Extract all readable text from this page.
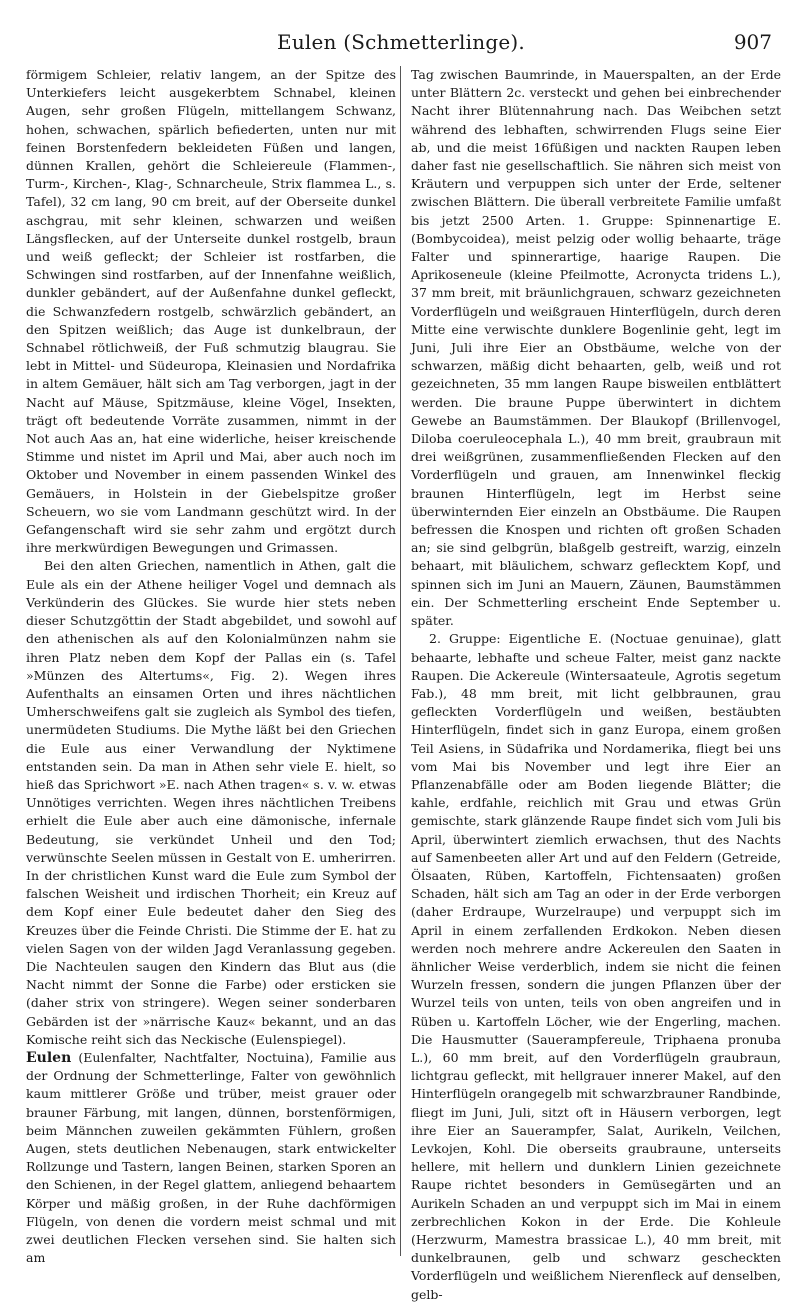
Eulen (Schmetterlinge).	907

förmigem Schleier, relativ langem, an der Spitze des Unterkiefers leicht ausgekerbtem Schnabel, kleinen Augen, sehr großen Flügeln, mittellangem Schwanz, hohen, schwachen, spärlich befiederten, unten nur mit feinen Borstenfedern bekleideten Füßen und langen, dünnen Krallen, gehört die Schleiereule (Flammen-, Turm-, Kirchen-, Klag-, Schnarcheule, Strix flammea L., s. Tafel), 32 cm lang, 90 cm breit, auf der Oberseite dunkel aschgrau, mit sehr kleinen, schwarzen und weißen Längsflecken, auf der Unterseite dunkel rostgelb, braun und weiß gefleckt; der Schleier ist rostfarben, die Schwingen sind rostfarben, auf der Innenfahne weißlich, dunkler gebändert, auf der Außenfahne dunkel gefleckt, die Schwanzfedern rostgelb, schwärzlich gebändert, an den Spitzen weißlich; das Auge ist dunkelbraun, der Schnabel rötlichweiß, der Fuß schmutzig blaugrau. Sie lebt in Mittel- und Südeuropa, Kleinasien und Nordafrika in altem Gemäuer, hält sich am Tag verborgen, jagt in der Nacht auf Mäuse, Spitzmäuse, kleine Vögel, Insekten, trägt oft bedeutende Vorräte zusammen, nimmt in der Not auch Aas an, hat eine widerliche, heiser kreischende Stimme und nistet im April und Mai, aber auch noch im Oktober und November in einem passenden Winkel des Gemäuers, in Holstein in der Giebelspitze großer Scheuern, wo sie vom Landmann geschützt wird. In der Gefangenschaft wird sie sehr zahm und ergötzt durch ihre merkwürdigen Bewegungen und Grimassen.

Bei den alten Griechen, namentlich in Athen, galt die Eule als ein der Athene heiliger Vogel und demnach als Verkünderin des Glückes. Sie wurde hier stets neben dieser Schutzgöttin der Stadt abgebildet, und sowohl auf den athenischen als auf den Kolonialmünzen nahm sie ihren Platz neben dem Kopf der Pallas ein (s. Tafel »Münzen des Altertums«, Fig. 2). Wegen ihres Aufenthalts an einsamen Orten und ihres nächtlichen Umherschweifens galt sie zugleich als Symbol des tiefen, unermüdeten Studiums. Die Mythe läßt bei den Griechen die Eule aus einer Verwandlung der Nyktimene entstanden sein. Da man in Athen sehr viele E. hielt, so hieß das Sprichwort »E. nach Athen tragen« s. v. w. etwas Unnötiges verrichten. Wegen ihres nächtlichen Treibens erhielt die Eule aber auch eine dämonische, infernale Bedeutung, sie verkündet Unheil und den Tod; verwünschte Seelen müssen in Gestalt von E. umherirren. In der christlichen Kunst ward die Eule zum Symbol der falschen Weisheit und irdischen Thorheit; ein Kreuz auf dem Kopf einer Eule bedeutet daher den Sieg des Kreuzes über die Feinde Christi. Die Stimme der E. hat zu vielen Sagen von der wilden Jagd Veranlassung gegeben. Die Nachteulen saugen den Kindern das Blut aus (die Nacht nimmt der Sonne die Farbe) oder ersticken sie (daher strix von stringere). Wegen seiner sonderbaren Gebärden ist der »närrische Kauz« bekannt, und an das Komische reiht sich das Neckische (Eulenspiegel).

Eulen (Eulenfalter, Nachtfalter, Noctuina), Familie aus der Ordnung der Schmetterlinge, Falter von gewöhnlich kaum mittlerer Größe und trüber, meist grauer oder brauner Färbung, mit langen, dünnen, borstenförmigen, beim Männchen zuweilen gekämmten Fühlern, großen Augen, stets deutlichen Nebenaugen, stark entwickelter Rollzunge und Tastern, langen Beinen, starken Sporen an den Schienen, in der Regel glattem, anliegend behaartem Körper und mäßig großen, in der Ruhe dachförmigen Flügeln, von denen die vordern meist schmal und mit zwei deutlichen Flecken versehen sind. Sie halten sich am

Tag zwischen Baumrinde, in Mauerspalten, an der Erde unter Blättern 2c. versteckt und gehen bei einbrechender Nacht ihrer Blütennahrung nach. Das Weibchen setzt während des lebhaften, schwirrenden Flugs seine Eier ab, und die meist 16füßigen und nackten Raupen leben daher fast nie gesellschaftlich. Sie nähren sich meist von Kräutern und verpuppen sich unter der Erde, seltener zwischen Blättern. Die überall verbreitete Familie umfaßt bis jetzt 2500 Arten. 1. Gruppe: Spinnenartige E. (Bombycoidea), meist pelzig oder wollig behaarte, träge Falter und spinnerartige, haarige Raupen. Die Aprikoseneule (kleine Pfeilmotte, Acronycta tridens L.), 37 mm breit, mit bräunlichgrauen, schwarz gezeichneten Vorderflügeln und weißgrauen Hinterflügeln, durch deren Mitte eine verwischte dunklere Bogenlinie geht, legt im Juni, Juli ihre Eier an Obstbäume, welche von der schwarzen, mäßig dicht behaarten, gelb, weiß und rot gezeichneten, 35 mm langen Raupe bisweilen entblättert werden. Die braune Puppe überwintert in dichtem Gewebe an Baumstämmen. Der Blaukopf (Brillenvogel, Diloba coeruleocephala L.), 40 mm breit, graubraun mit drei weißgrünen, zusammenfließenden Flecken auf den Vorderflügeln und grauen, am Innenwinkel fleckig braunen Hinterflügeln, legt im Herbst seine überwinternden Eier einzeln an Obstbäume. Die Raupen befressen die Knospen und richten oft großen Schaden an; sie sind gelbgrün, blaßgelb gestreift, warzig, einzeln behaart, mit bläulichem, schwarz geflecktem Kopf, und spinnen sich im Juni an Mauern, Zäunen, Baumstämmen ein. Der Schmetterling erscheint Ende September u. später.

2. Gruppe: Eigentliche E. (Noctuae genuinae), glatt behaarte, lebhafte und scheue Falter, meist ganz nackte Raupen. Die Ackereule (Wintersaateule, Agrotis segetum Fab.), 48 mm breit, mit licht gelbbraunen, grau gefleckten Vorderflügeln und weißen, bestäubten Hinterflügeln, findet sich in ganz Europa, einem großen Teil Asiens, in Südafrika und Nordamerika, fliegt bei uns vom Mai bis November und legt ihre Eier an Pflanzenabfälle oder am Boden liegende Blätter; die kahle, erdfahle, reichlich mit Grau und etwas Grün gemischte, stark glänzende Raupe findet sich vom Juli bis April, überwintert ziemlich erwachsen, thut des Nachts auf Samenbeeten aller Art und auf den Feldern (Getreide, Ölsaaten, Rüben, Kartoffeln, Fichtensaaten) großen Schaden, hält sich am Tag an oder in der Erde verborgen (daher Erdraupe, Wurzelraupe) und verpuppt sich im April in einem zerfallenden Erdkokon. Neben diesen werden noch mehrere andre Ackereulen den Saaten in ähnlicher Weise verderblich, indem sie nicht die feinen Wurzeln fressen, sondern die jungen Pflanzen über der Wurzel teils von unten, teils von oben angreifen und in Rüben u. Kartoffeln Löcher, wie der Engerling, machen. Die Hausmutter (Sauerampfereule, Triphaena pronuba L.), 60 mm breit, auf den Vorderflügeln graubraun, lichtgrau gefleckt, mit hellgrauer innerer Makel, auf den Hinterflügeln orangegelb mit schwarzbrauner Randbinde, fliegt im Juni, Juli, sitzt oft in Häusern verborgen, legt ihre Eier an Sauerampfer, Salat, Aurikeln, Veilchen, Levkojen, Kohl. Die oberseits graubraune, unterseits hellere, mit hellern und dunklern Linien gezeichnete Raupe richtet besonders in Gemüsegärten und an Aurikeln Schaden an und verpuppt sich im Mai in einem zerbrechlichen Kokon in der Erde. Die Kohleule (Herzwurm, Mamestra brassicae L.), 40 mm breit, mit dunkelbraunen, gelb und schwarz gescheckten Vorderflügeln und weißlichem Nierenfleck auf denselben, gelb-
